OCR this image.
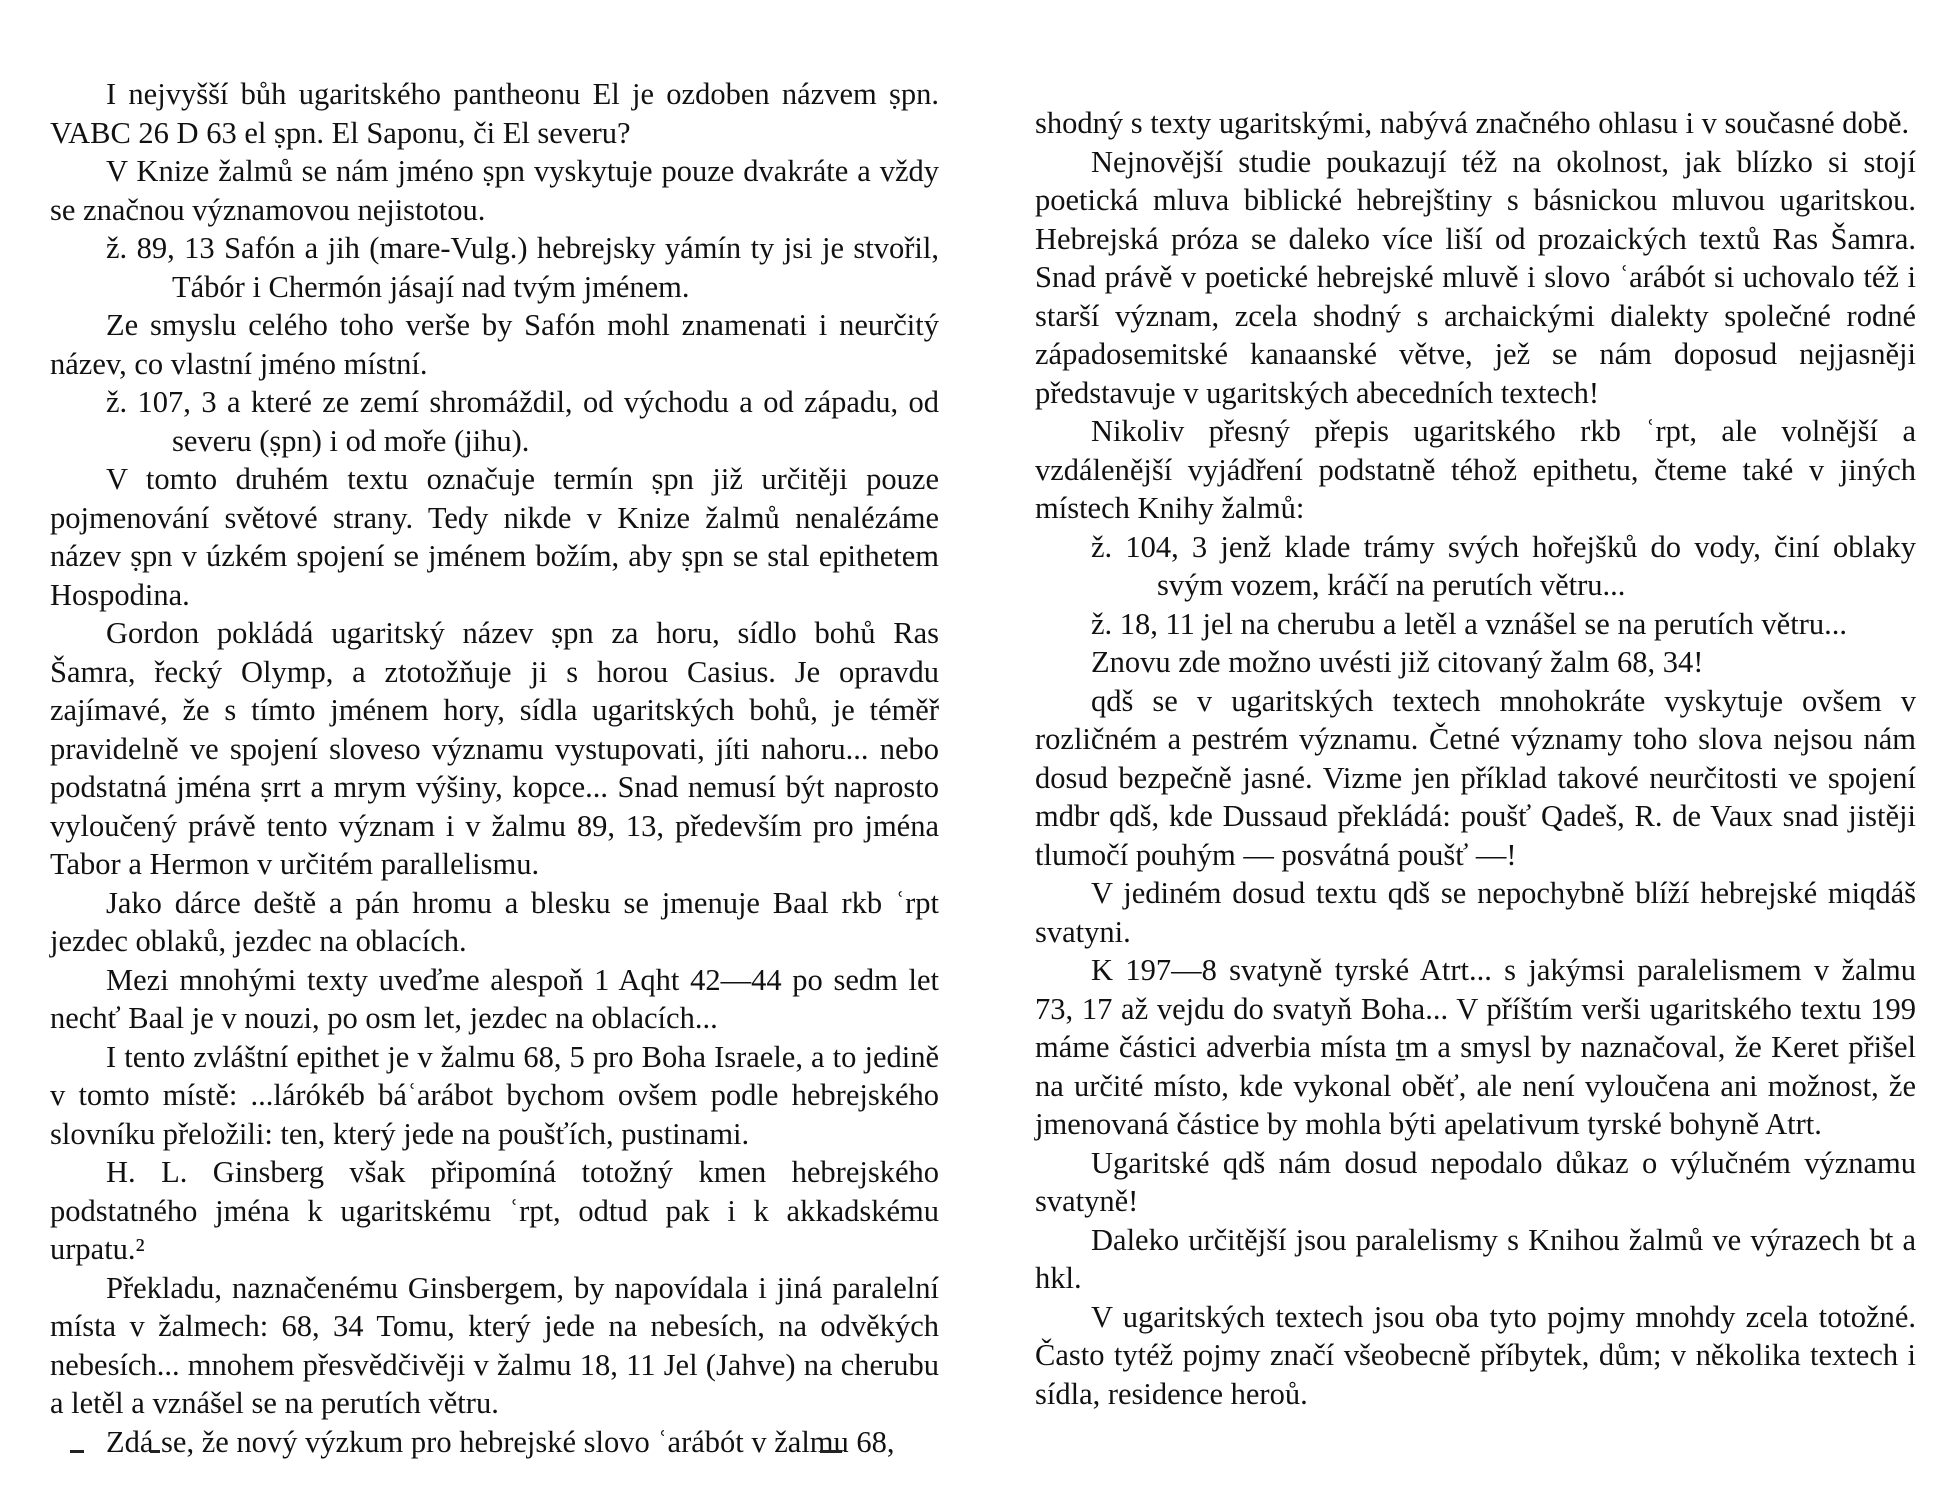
I nejvyšší bůh ugaritského pantheonu El je ozdoben názvem ṣpn. VABC 26 D 63 el ṣpn. El Saponu, či El severu?

V Knize žalmů se nám jméno ṣpn vyskytuje pouze dvakráte a vždy se značnou významovou nejistotou.

ž. 89, 13 Safón a jih (mare-Vulg.) hebrejsky yámín ty jsi je stvořil, Tábór i Chermón jásají nad tvým jménem.

Ze smyslu celého toho verše by Safón mohl znamenati i neurčitý název, co vlastní jméno místní.

ž. 107, 3 a které ze zemí shromáždil, od východu a od západu, od severu (ṣpn) i od moře (jihu).

V tomto druhém textu označuje termín ṣpn již určitěji pouze pojmenování světové strany. Tedy nikde v Knize žalmů nenalézáme název ṣpn v úzkém spojení se jménem božím, aby ṣpn se stal epithetem Hospodina.

Gordon pokládá ugaritský název ṣpn za horu, sídlo bohů Ras Šamra, řecký Olymp, a ztotožňuje ji s horou Casius. Je opravdu zajímavé, že s tímto jménem hory, sídla ugaritských bohů, je téměř pravidelně ve spojení sloveso významu vystupovati, jíti nahoru... nebo podstatná jména ṣrrt a mrym výšiny, kopce... Snad nemusí být naprosto vyloučený právě tento význam i v žalmu 89, 13, především pro jména Tabor a Hermon v určitém parallelismu.

Jako dárce deště a pán hromu a blesku se jmenuje Baal rkb ʿrpt jezdec oblaků, jezdec na oblacích.

Mezi mnohými texty uveďme alespoň 1 Aqht 42—44 po sedm let nechť Baal je v nouzi, po osm let, jezdec na oblacích...

I tento zvláštní epithet je v žalmu 68, 5 pro Boha Israele, a to jedině v tomto místě: ...lárókéb báʿarábot bychom ovšem podle hebrejského slovníku přeložili: ten, který jede na poušťích, pustinami.

H. L. Ginsberg však připomíná totožný kmen hebrejského podstatného jména k ugaritskému ʿrpt, odtud pak i k akkadskému urpatu.²

Překladu, naznačenému Ginsbergem, by napovídala i jiná paralelní místa v žalmech: 68, 34 Tomu, který jede na nebesích, na odvěkých nebesích... mnohem přesvědčivěji v žalmu 18, 11 Jel (Jahve) na cherubu a letěl a vznášel se na perutích větru.

Zdá se, že nový výzkum pro hebrejské slovo ʿarábót v žalmu 68,

shodný s texty ugaritskými, nabývá značného ohlasu i v současné době.

Nejnovější studie poukazují též na okolnost, jak blízko si stojí poetická mluva biblické hebrejštiny s básnickou mluvou ugaritskou. Hebrejská próza se daleko více liší od prozaických textů Ras Šamra. Snad právě v poetické hebrejské mluvě i slovo ʿarábót si uchovalo též i starší význam, zcela shodný s archaickými dialekty společné rodné západosemitské kanaanské větve, jež se nám doposud nejjasněji představuje v ugaritských abecedních textech!

Nikoliv přesný přepis ugaritského rkb ʿrpt, ale volnější a vzdálenější vyjádření podstatně téhož epithetu, čteme také v jiných místech Knihy žalmů:

ž. 104, 3 jenž klade trámy svých hořejšků do vody, činí oblaky svým vozem, kráčí na perutích větru...

ž. 18, 11 jel na cherubu a letěl a vznášel se na perutích větru...

Znovu zde možno uvésti již citovaný žalm 68, 34!

qdš se v ugaritských textech mnohokráte vyskytuje ovšem v rozličném a pestrém významu. Četné významy toho slova nejsou nám dosud bezpečně jasné. Vizme jen příklad takové neurčitosti ve spojení mdbr qdš, kde Dussaud překládá: poušť Qadeš, R. de Vaux snad jistěji tlumočí pouhým — posvátná poušť —!

V jediném dosud textu qdš se nepochybně blíží hebrejské miqdáš svatyni.

K 197—8 svatyně tyrské Atrt... s jakýmsi paralelismem v žalmu 73, 17 až vejdu do svatyň Boha... V příštím verši ugaritského textu 199 máme částici adverbia místa ṯm a smysl by naznačoval, že Keret přišel na určité místo, kde vykonal oběť, ale není vyloučena ani možnost, že jmenovaná částice by mohla býti apelativum tyrské bohyně Atrt.

Ugaritské qdš nám dosud nepodalo důkaz o výlučném významu svatyně!

Daleko určitější jsou paralelismy s Knihou žalmů ve výrazech bt a hkl.

V ugaritských textech jsou oba tyto pojmy mnohdy zcela totožné. Často tytéž pojmy značí všeobecně příbytek, dům; v několika textech i sídla, residence heroů.
